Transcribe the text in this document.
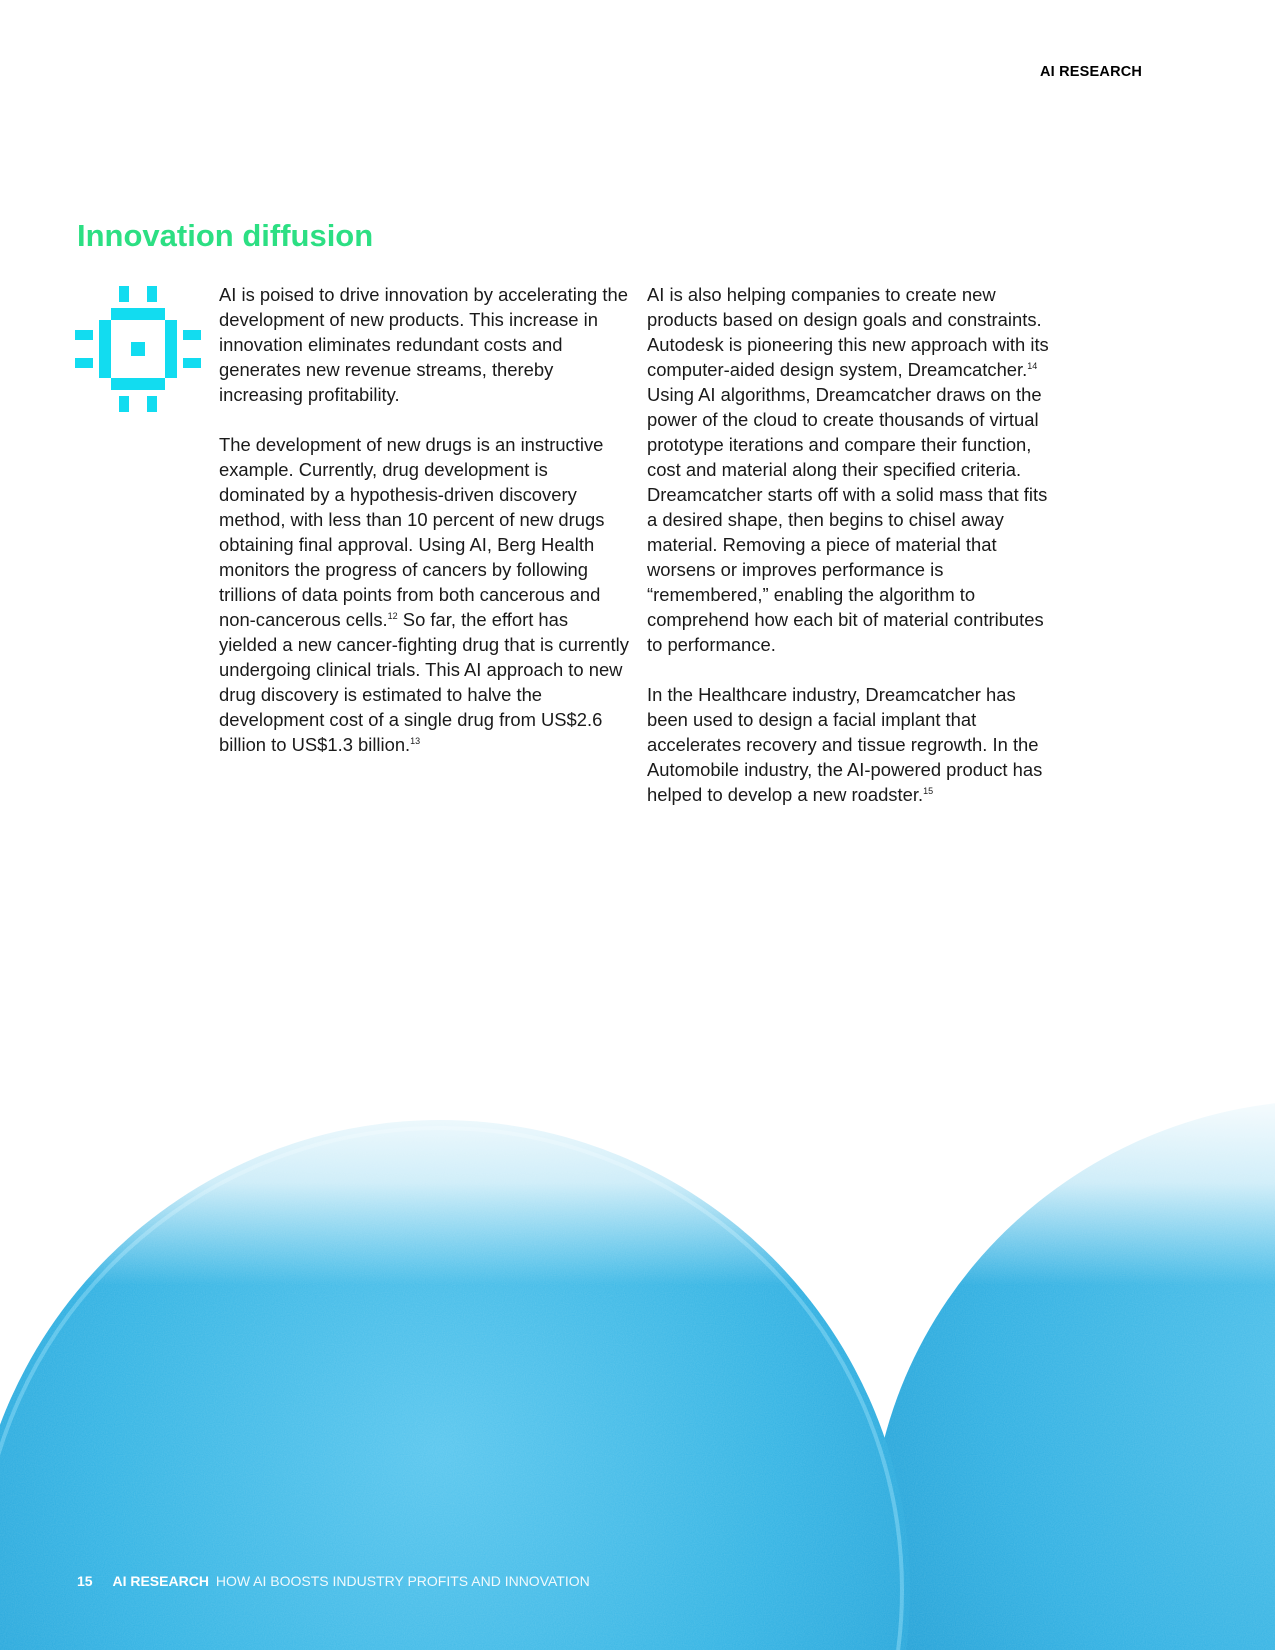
AI RESEARCH
Innovation diffusion

AI is poised to drive innovation by accelerating the development of new products. This increase in innovation eliminates redundant costs and generates new revenue streams, thereby increasing profitability.

The development of new drugs is an instructive example. Currently, drug development is dominated by a hypothesis-driven discovery method, with less than 10 percent of new drugs obtaining final approval. Using AI, Berg Health monitors the progress of cancers by following trillions of data points from both cancerous and non-cancerous cells.$^{12}$ So far, the effort has yielded a new cancer-fighting drug that is currently undergoing clinical trials. This AI approach to new drug discovery is estimated to halve the development cost of a single drug from US$2.6 billion to US$1.3 billion.$^{13}$

AI is also helping companies to create new products based on design goals and constraints. Autodesk is pioneering this new approach with its computer-aided design system, Dreamcatcher.$^{14}$ Using AI algorithms, Dreamcatcher draws on the power of the cloud to create thousands of virtual prototype iterations and compare their function, cost and material along their specified criteria. Dreamcatcher starts off with a solid mass that fits a desired shape, then begins to chisel away material. Removing a piece of material that worsens or improves performance is “remembered,” enabling the algorithm to comprehend how each bit of material contributes to performance.

In the Healthcare industry, Dreamcatcher has been used to design a facial implant that accelerates recovery and tissue regrowth. In the Automobile industry, the AI-powered product has helped to develop a new roadster.$^{15}$

15 AI RESEARCH HOW AI BOOSTS INDUSTRY PROFITS AND INNOVATION
